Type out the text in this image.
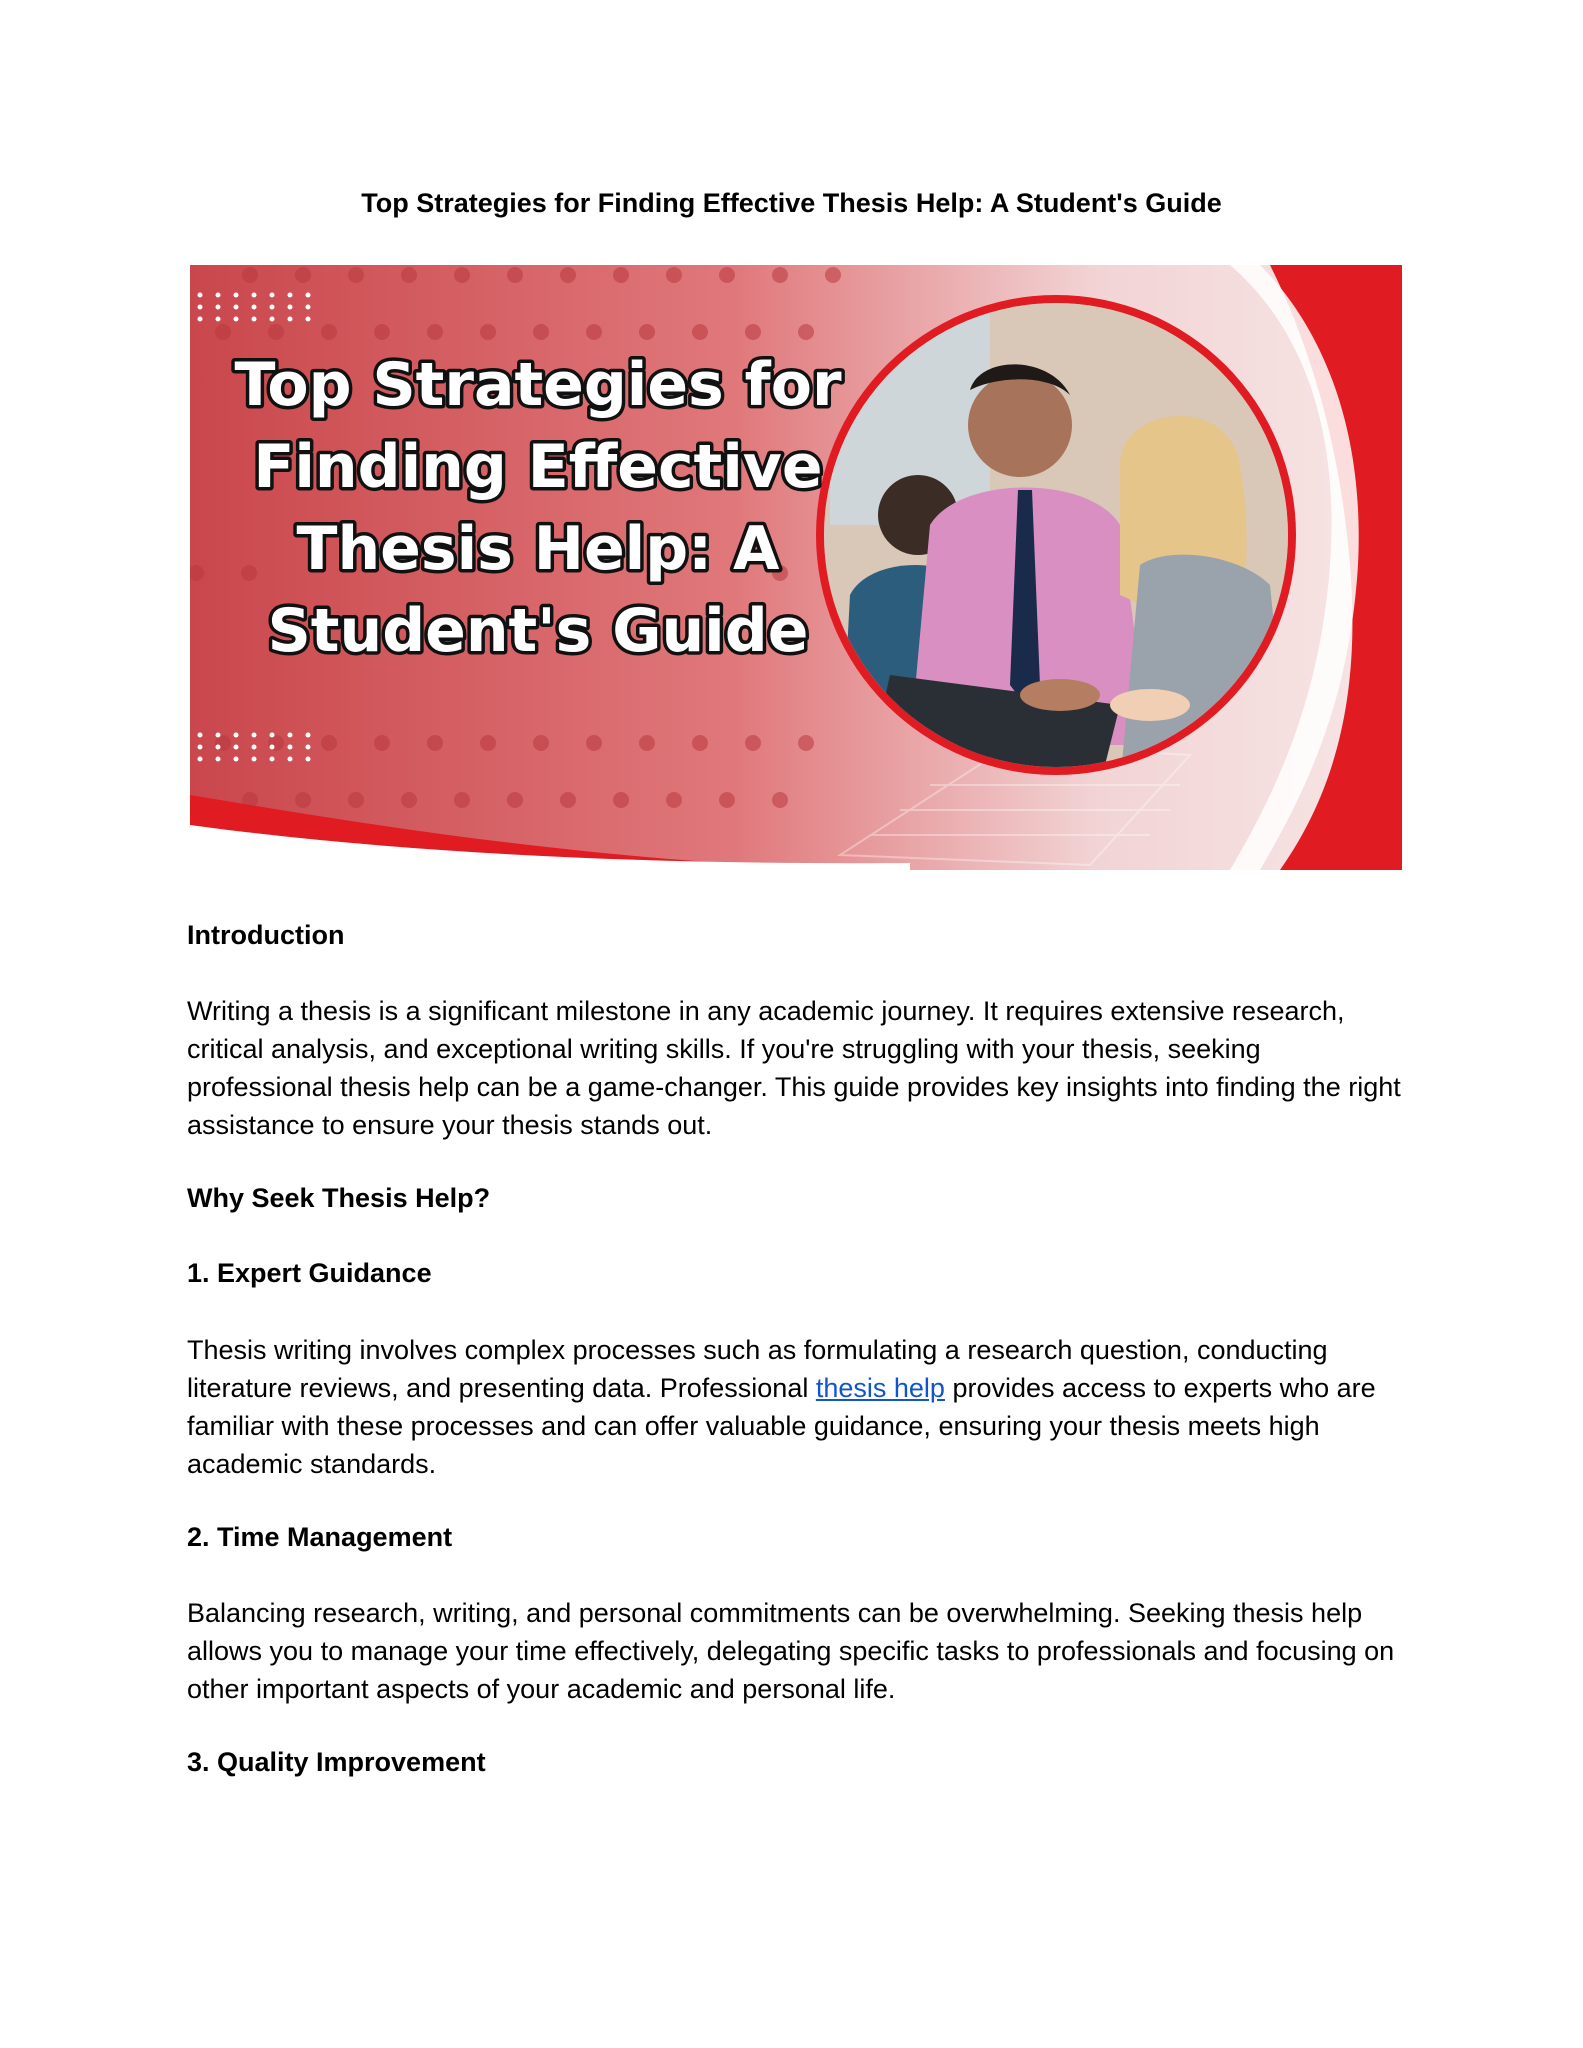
Top Strategies for Finding Effective Thesis Help: A Student's Guide
Top Strategies for
Finding Effective
Thesis Help: A
Student's Guide
Introduction

Writing a thesis is a significant milestone in any academic journey. It requires extensive research, critical analysis, and exceptional writing skills. If you're struggling with your thesis, seeking professional thesis help can be a game-changer. This guide provides key insights into finding the right assistance to ensure your thesis stands out.

Why Seek Thesis Help?
1. Expert Guidance

Thesis writing involves complex processes such as formulating a research question, conducting literature reviews, and presenting data. Professional thesis help provides access to experts who are familiar with these processes and can offer valuable guidance, ensuring your thesis meets high academic standards.

2. Time Management

Balancing research, writing, and personal commitments can be overwhelming. Seeking thesis help allows you to manage your time effectively, delegating specific tasks to professionals and focusing on other important aspects of your academic and personal life.

3. Quality Improvement
